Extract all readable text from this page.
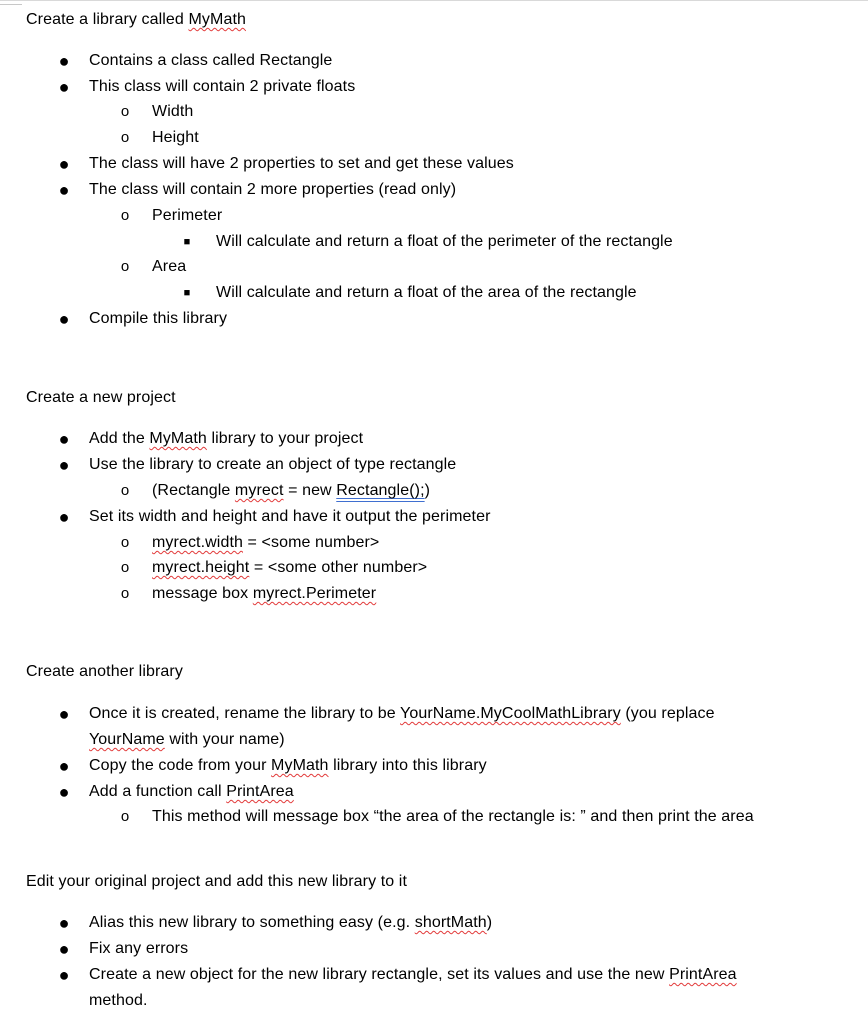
Create a library called MyMath
● Contains a class called Rectangle
● This class will contain 2 private floats
o Width
o Height
● The class will have 2 properties to set and get these values
● The class will contain 2 more properties (read only)
o Perimeter
■ Will calculate and return a float of the perimeter of the rectangle
o Area
■ Will calculate and return a float of the area of the rectangle
● Compile this library
Create a new project
● Add the MyMath library to your project
● Use the library to create an object of type rectangle
o (Rectangle myrect = new Rectangle();)
● Set its width and height and have it output the perimeter
o myrect.width = <some number>
o myrect.height = <some other number>
o message box myrect.Perimeter
Create another library
● Once it is created, rename the library to be YourName.MyCoolMathLibrary (you replace
YourName with your name)
● Copy the code from your MyMath library into this library
● Add a function call PrintArea
o This method will message box “the area of the rectangle is: ” and then print the area
Edit your original project and add this new library to it
● Alias this new library to something easy (e.g. shortMath)
● Fix any errors
● Create a new object for the new library rectangle, set its values and use the new PrintArea
method.
